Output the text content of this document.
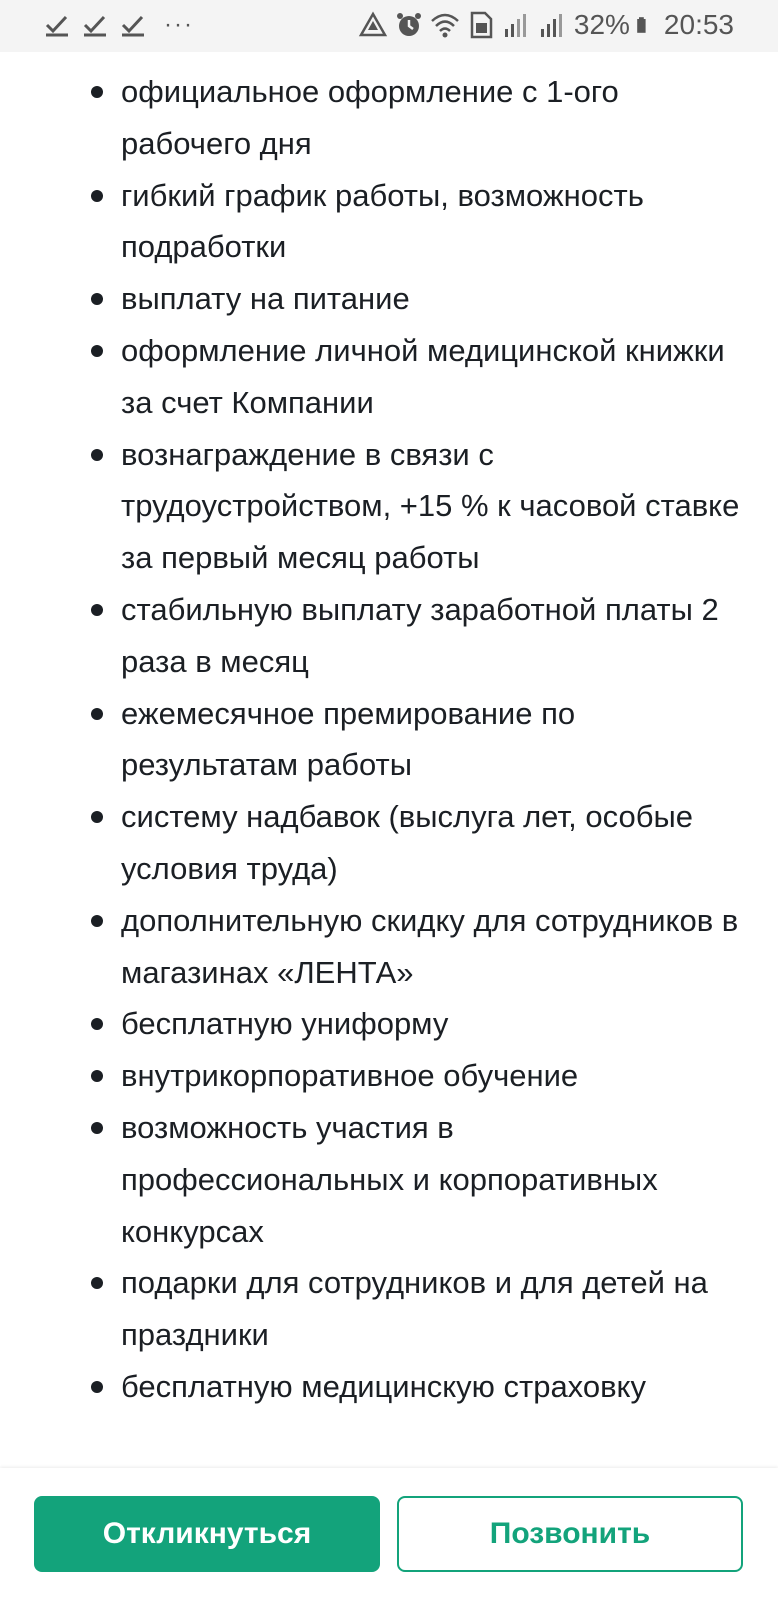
···	32% 20:53
официальное оформление с 1-ого рабочего дня
гибкий график работы, возможность подработки
выплату на питание
оформление личной медицинской книжки за счет Компании
вознаграждение в связи с трудоустройством, +15 % к часовой ставке за первый месяц работы
стабильную выплату заработной платы 2 раза в месяц
ежемесячное премирование по результатам работы
систему надбавок (выслуга лет, особые условия труда)
дополнительную скидку для сотрудников в магазинах «ЛЕНТА»
бесплатную униформу
внутрикорпоративное обучение
возможность участия в профессиональных и корпоративных конкурсах
подарки для сотрудников и для детей на праздники
бесплатную медицинскую страховку
Откликнуться	Позвонить
